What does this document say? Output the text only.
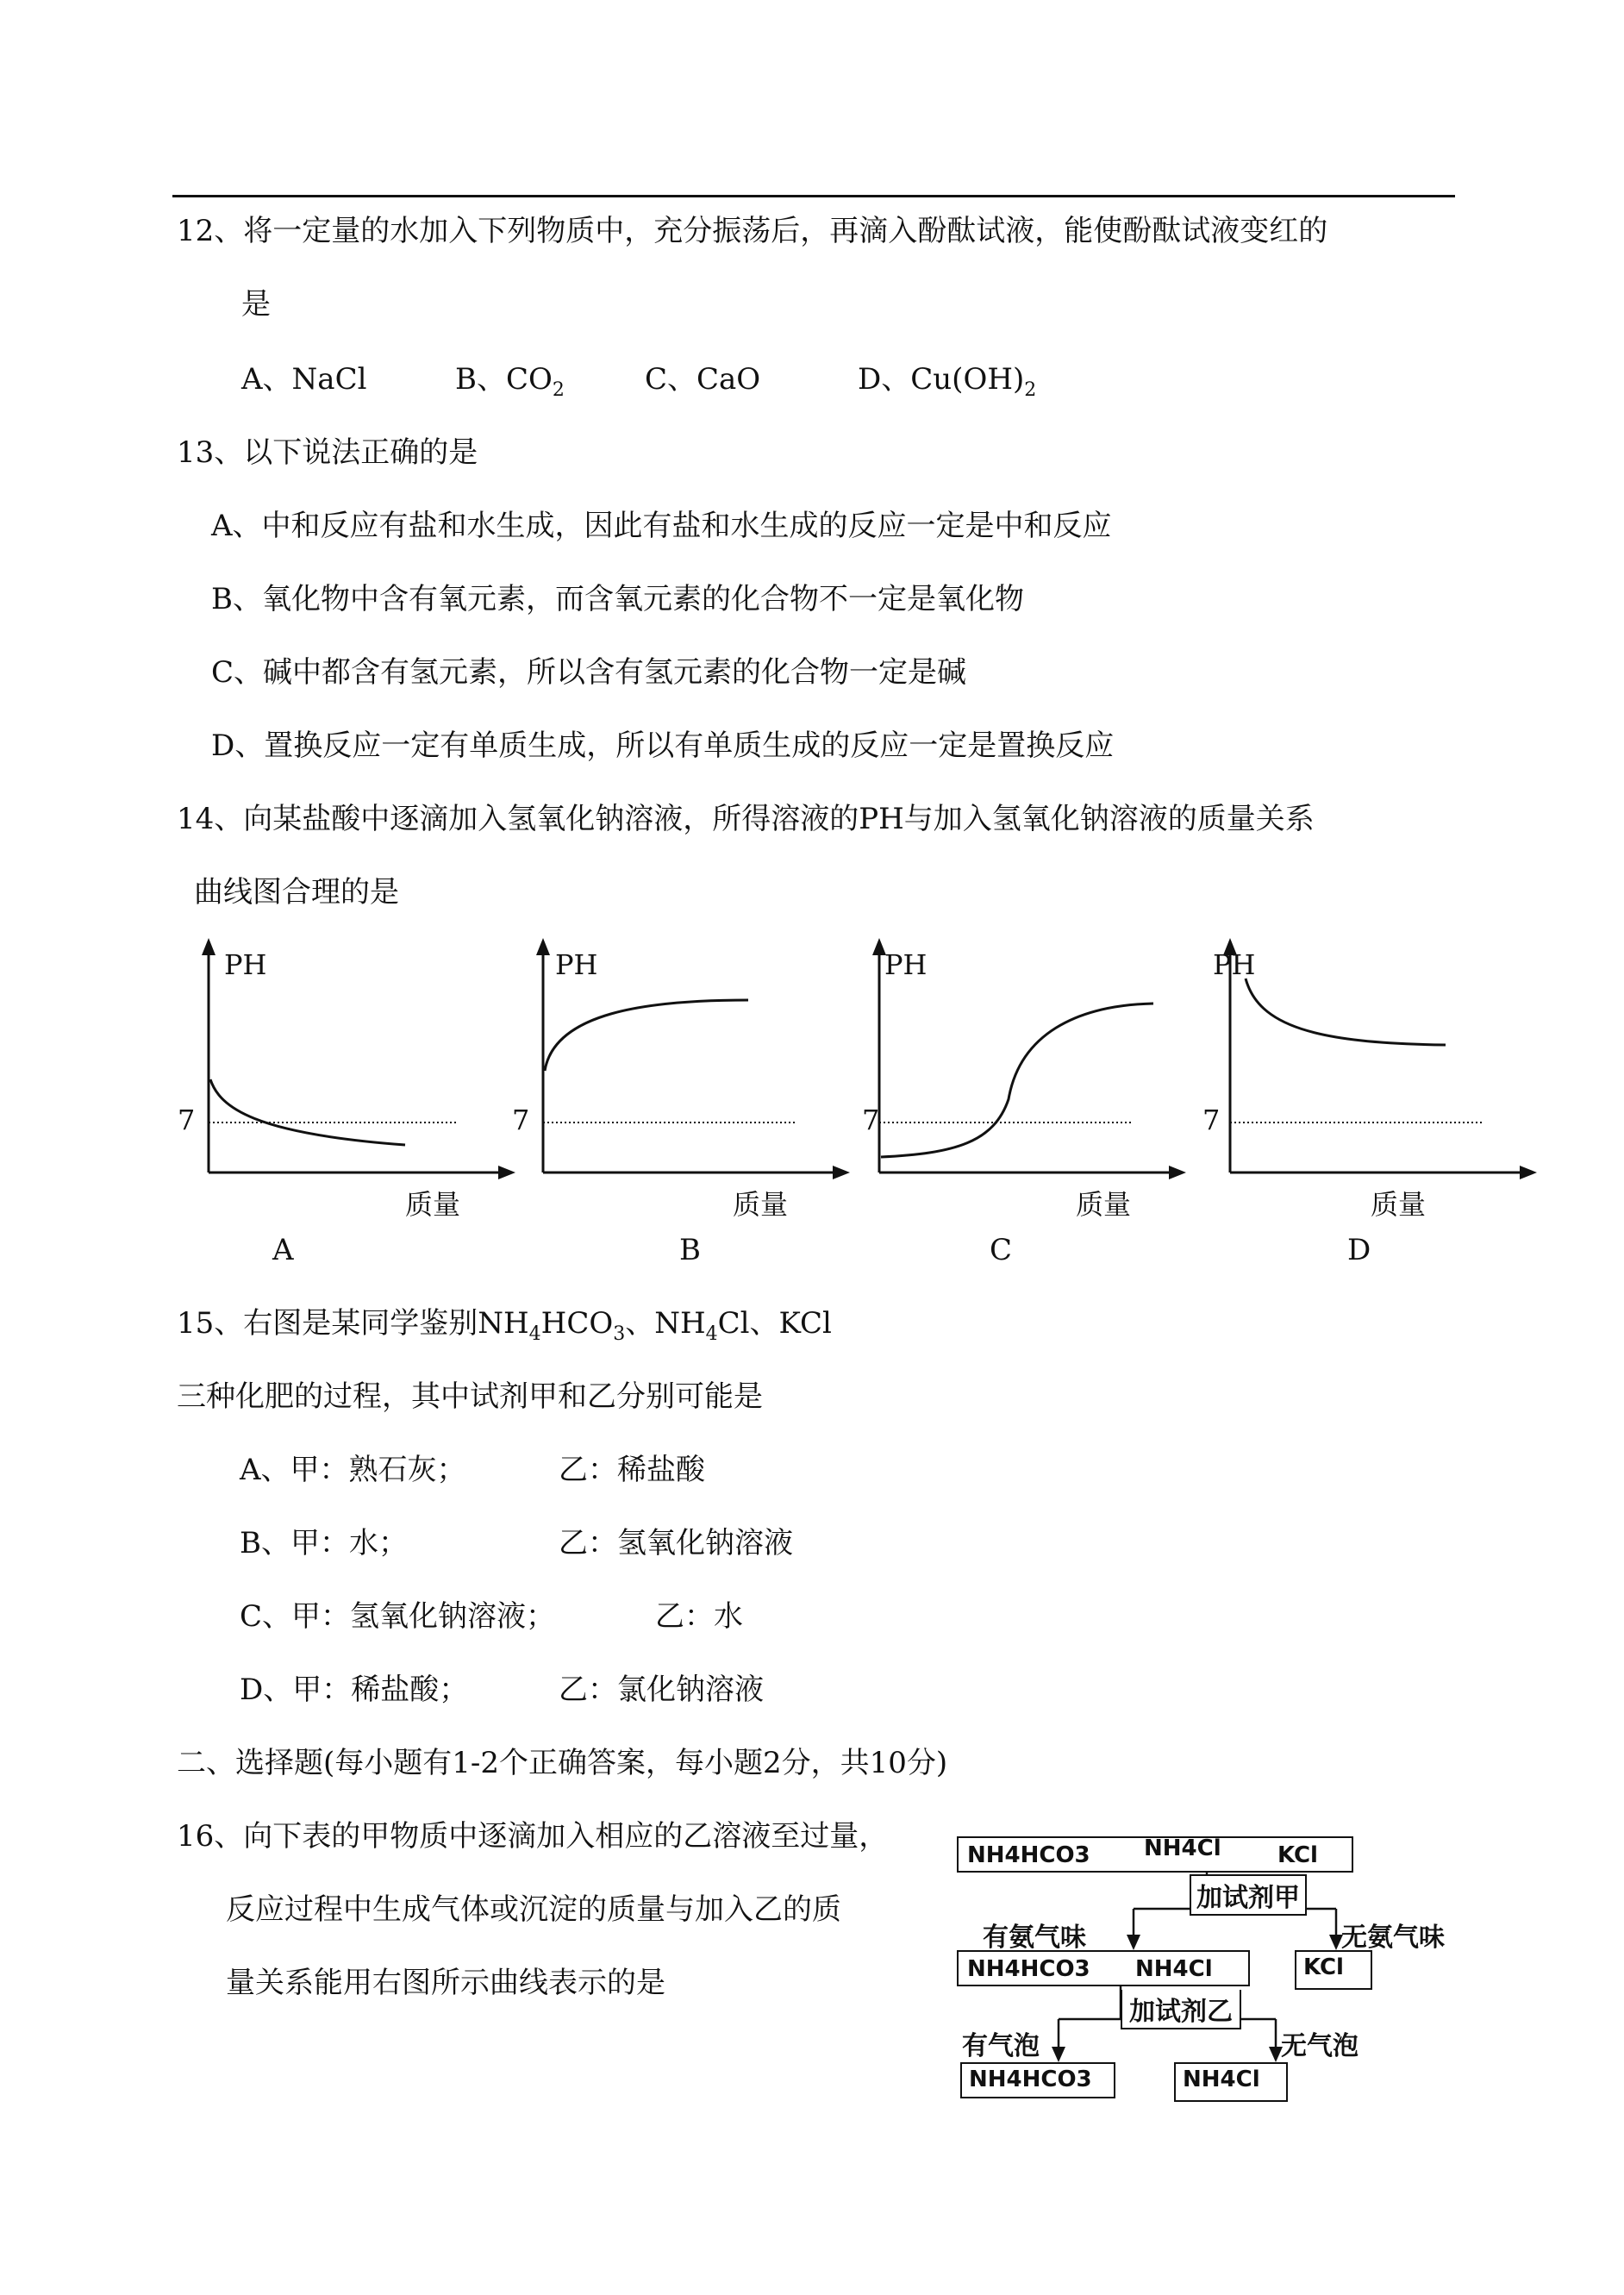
12、将一定量的水加入下列物质中，充分振荡后，再滴入酚酞试液，能使酚酞试液变红的
是
A、NaCl	B、$CO_2$	C、CaO	D、$Cu(OH)_2$
13、以下说法正确的是
A、中和反应有盐和水生成，因此有盐和水生成的反应一定是中和反应
B、氧化物中含有氧元素，而含氧元素的化合物不一定是氧化物
C、碱中都含有氢元素，所以含有氢元素的化合物一定是碱
D、置换反应一定有单质生成，所以有单质生成的反应一定是置换反应
14、向某盐酸中逐滴加入氢氧化钠溶液，所得溶液的PH与加入氢氧化钠溶液的质量关系
曲线图合理的是
PH
7
质量
PH
7
质量
PH
7
质量
PH
7
质量
A	B	C	D
15、右图是某同学鉴别$NH_4HCO_3$、$NH_4Cl$、KCl
三种化肥的过程，其中试剂甲和乙分别可能是
A、甲：熟石灰；	乙：稀盐酸
B、甲：水；	乙：氢氧化钠溶液
C、甲：氢氧化钠溶液；	乙：水
D、甲：稀盐酸；	乙：氯化钠溶液
二、选择题(每小题有1-2个正确答案，每小题2分，共10分)
16、向下表的甲物质中逐滴加入相应的乙溶液至过量，
反应过程中生成气体或沉淀的质量与加入乙的质
量关系能用右图所示曲线表示的是
NH4HCO3 NH4Cl	KCl
加试剂甲
有氨气味	无氨气味
NH4HCO3 NH4Cl	KCl
加试剂乙
有气泡	无气泡
NH4HCO3	NH4Cl
